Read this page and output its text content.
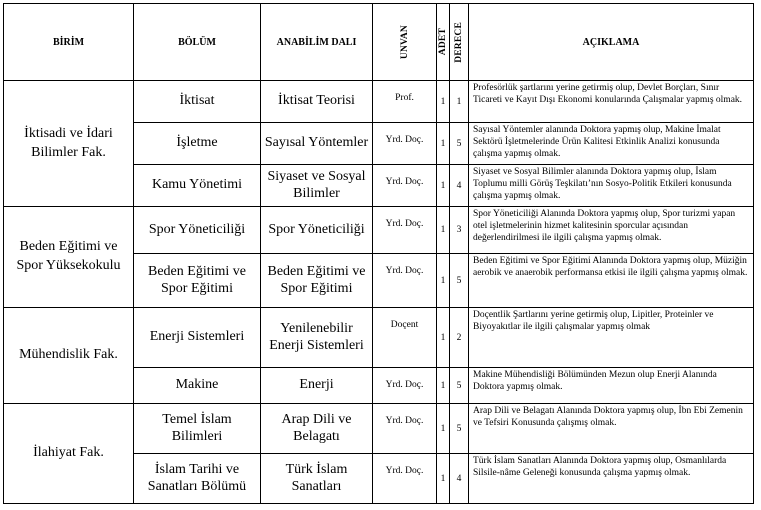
BİRİM	BÖLÜM	ANABİLİM DALI	UNVAN	ADET	DERECE	AÇIKLAMA
İktisadi ve İdari Bilimler Fak.	İktisat	İktisat Teorisi	Prof.	1	1	Profesörlük şartlarını yerine getirmiş olup, Devlet Borçları, Sınır Ticareti ve Kayıt Dışı Ekonomi konularında Çalışmalar yapmış olmak.
	İşletme	Sayısal Yöntemler	Yrd. Doç.	1	5	Sayısal Yöntemler alanında Doktora yapmış olup, Makine İmalat Sektörü İşletmelerinde Ürün Kalitesi Etkinlik Analizi konusunda çalışma yapmış olmak.
	Kamu Yönetimi	Siyaset ve Sosyal Bilimler	Yrd. Doç.	1	4	Siyaset ve Sosyal Bilimler alanında Doktora yapmış olup, İslam Toplumu milli Görüş Teşkilatı’nın Sosyo-Politik Etkileri konusunda çalışma yapmış olmak.
Beden Eğitimi ve Spor Yüksekokulu	Spor Yöneticiliği	Spor Yöneticiliği	Yrd. Doç.	1	3	Spor Yöneticiliği Alanında Doktora yapmış olup, Spor turizmi yapan otel işletmelerinin hizmet kalitesinin sporcular açısından değerlendirilmesi ile ilgili çalışma yapmış olmak.
	Beden Eğitimi ve Spor Eğitimi	Beden Eğitimi ve Spor Eğitimi	Yrd. Doç.	1	5	Beden Eğitimi ve Spor Eğitimi Alanında Doktora yapmış olup, Müziğin aerobik ve anaerobik performansa etkisi ile ilgili çalışma yapmış olmak.
Mühendislik Fak.	Enerji Sistemleri	Yenilenebilir Enerji Sistemleri	Doçent	1	2	Doçentlik Şartlarını yerine getirmiş olup, Lipitler, Proteinler ve Biyoyakıtlar ile ilgili çalışmalar yapmış olmak
	Makine	Enerji	Yrd. Doç.	1	5	Makine Mühendisliği Bölümünden Mezun olup Enerji Alanında Doktora yapmış olmak.
İlahiyat Fak.	Temel İslam Bilimleri	Arap Dili ve Belagatı	Yrd. Doç.	1	5	Arap Dili ve Belagatı Alanında Doktora yapmış olup, İbn Ebi Zemenin ve Tefsiri Konusunda çalışmış olmak.
	İslam Tarihi ve Sanatları Bölümü	Türk İslam Sanatları	Yrd. Doç.	1	4	Türk İslam Sanatları Alanında Doktora yapmış olup, Osmanlılarda Silsile-nâme Geleneği konusunda çalışma yapmış olmak.
